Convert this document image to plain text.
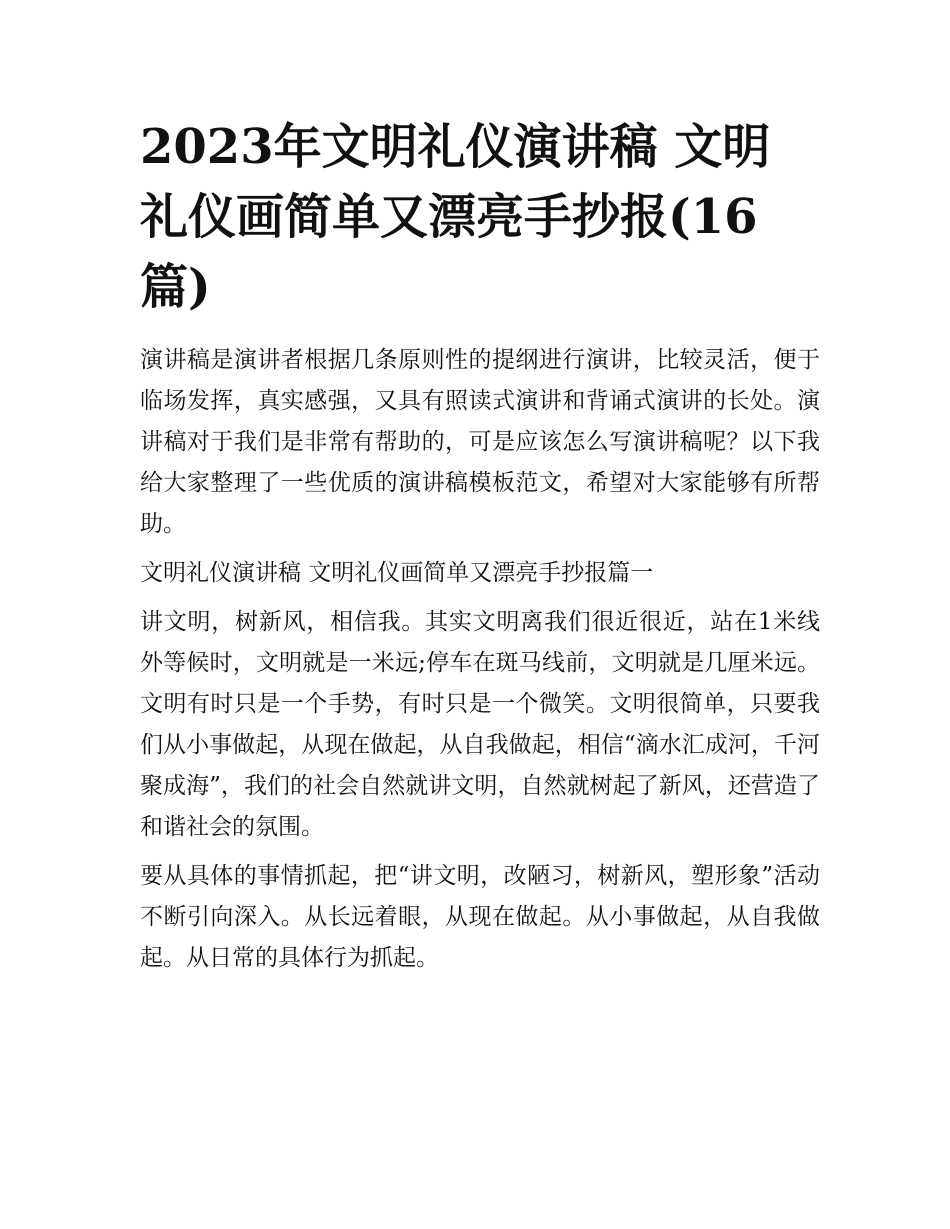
2023年文明礼仪演讲稿 文明礼仪画简单又漂亮手抄报(16篇)

演讲稿是演讲者根据几条原则性的提纲进行演讲，比较灵活，便于临场发挥，真实感强，又具有照读式演讲和背诵式演讲的长处。演讲稿对于我们是非常有帮助的，可是应该怎么写演讲稿呢？以下我给大家整理了一些优质的演讲稿模板范文，希望对大家能够有所帮助。

文明礼仪演讲稿 文明礼仪画简单又漂亮手抄报篇一

讲文明，树新风，相信我。其实文明离我们很近很近，站在1米线外等候时，文明就是一米远;停车在斑马线前，文明就是几厘米远。文明有时只是一个手势，有时只是一个微笑。文明很简单，只要我们从小事做起，从现在做起，从自我做起，相信“滴水汇成河，千河聚成海”，我们的社会自然就讲文明，自然就树起了新风，还营造了和谐社会的氛围。

要从具体的事情抓起，把“讲文明，改陋习，树新风，塑形象”活动不断引向深入。从长远着眼，从现在做起。从小事做起，从自我做起。从日常的具体行为抓起。
